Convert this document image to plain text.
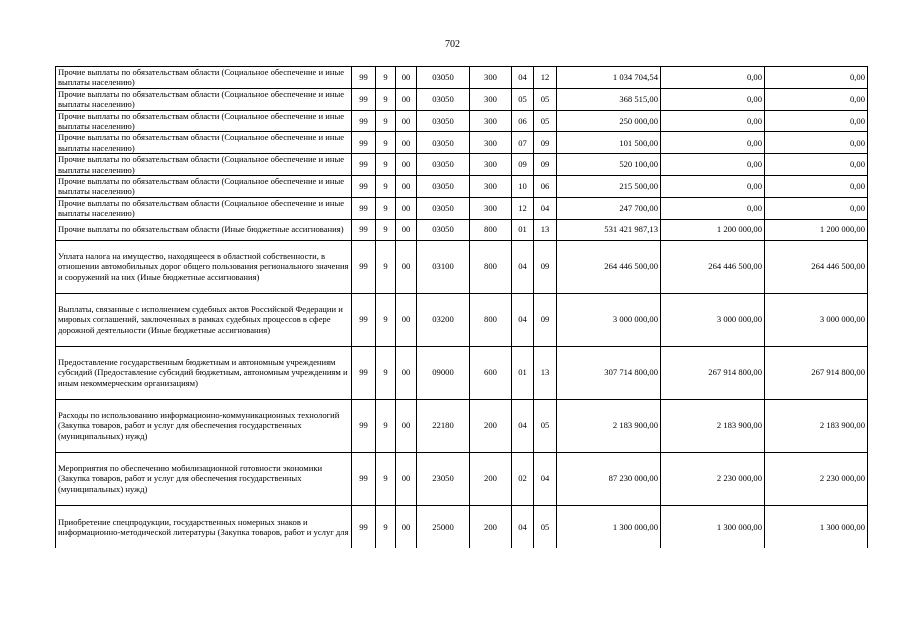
702
Прочие выплаты по обязательствам области (Социальное обеспечение и иные выплаты населению)	99	9	00	03050	300	04	12	1 034 704,54	0,00	0,00
Прочие выплаты по обязательствам области (Социальное обеспечение и иные выплаты населению)	99	9	00	03050	300	05	05	368 515,00	0,00	0,00
Прочие выплаты по обязательствам области (Социальное обеспечение и иные выплаты населению)	99	9	00	03050	300	06	05	250 000,00	0,00	0,00
Прочие выплаты по обязательствам области (Социальное обеспечение и иные выплаты населению)	99	9	00	03050	300	07	09	101 500,00	0,00	0,00
Прочие выплаты по обязательствам области (Социальное обеспечение и иные выплаты населению)	99	9	00	03050	300	09	09	520 100,00	0,00	0,00
Прочие выплаты по обязательствам области (Социальное обеспечение и иные выплаты населению)	99	9	00	03050	300	10	06	215 500,00	0,00	0,00
Прочие выплаты по обязательствам области (Социальное обеспечение и иные выплаты населению)	99	9	00	03050	300	12	04	247 700,00	0,00	0,00
Прочие выплаты по обязательствам области (Иные бюджетные ассигнования)	99	9	00	03050	800	01	13	531 421 987,13	1 200 000,00	1 200 000,00
Уплата налога на имущество, находящееся в областной собственности, в отношении автомобильных дорог общего пользования регионального значения и сооружений на них (Иные бюджетные ассигнования)	99	9	00	03100	800	04	09	264 446 500,00	264 446 500,00	264 446 500,00
Выплаты, связанные с исполнением судебных актов Российской Федерации и мировых соглашений, заключенных в рамках судебных процессов в сфере дорожной деятельности (Иные бюджетные ассигнования)	99	9	00	03200	800	04	09	3 000 000,00	3 000 000,00	3 000 000,00
Предоставление государственным бюджетным и автономным учреждениям субсидий (Предоставление субсидий бюджетным, автономным учреждениям и иным некоммерческим организациям)	99	9	00	09000	600	01	13	307 714 800,00	267 914 800,00	267 914 800,00
Расходы по использованию информационно-коммуникационных технологий (Закупка товаров, работ и услуг для обеспечения государственных (муниципальных) нужд)	99	9	00	22180	200	04	05	2 183 900,00	2 183 900,00	2 183 900,00
Мероприятия по обеспечению мобилизационной готовности экономики (Закупка товаров, работ и услуг для обеспечения государственных (муниципальных) нужд)	99	9	00	23050	200	02	04	87 230 000,00	2 230 000,00	2 230 000,00
Приобретение спецпродукции, государственных номерных знаков и информационно-методической литературы (Закупка товаров, работ и услуг для	99	9	00	25000	200	04	05	1 300 000,00	1 300 000,00	1 300 000,00
